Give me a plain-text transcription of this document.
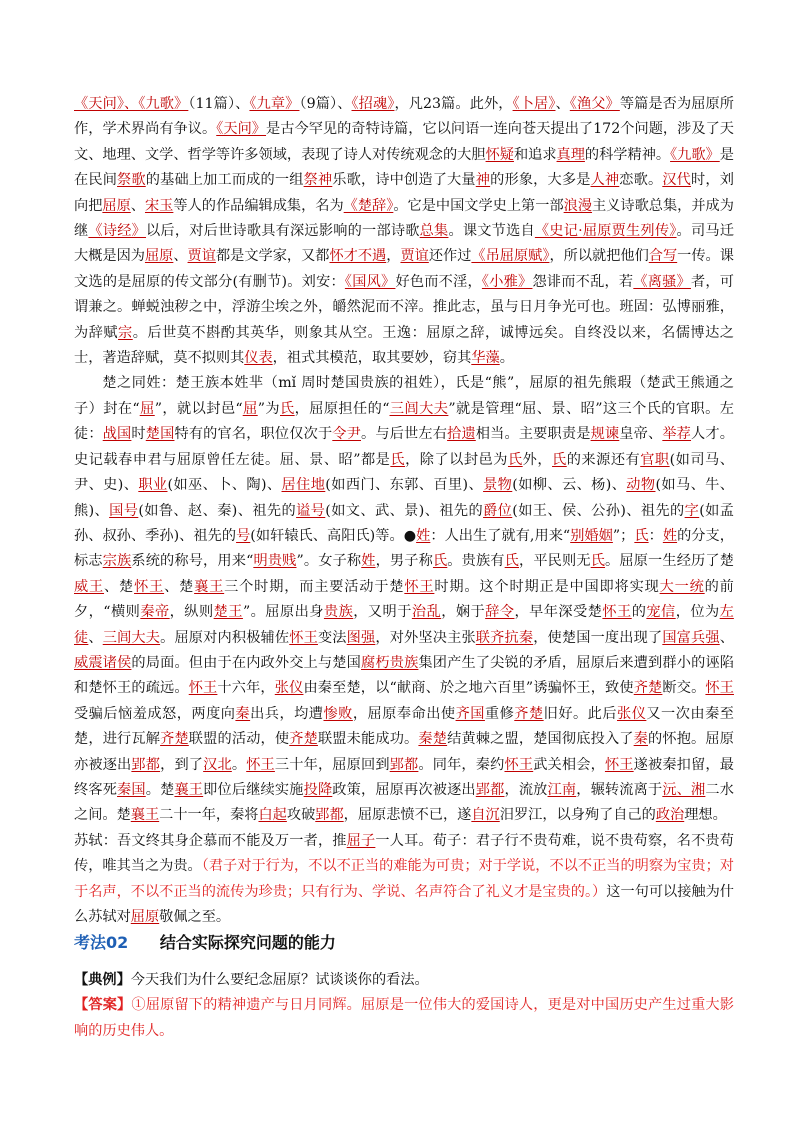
《天问》、《九歌》（11篇）、《九章》（9篇）、《招魂》，凡23篇。此外，《卜居》、《渔父》等篇是否为屈原所作，学术界尚有争议。《天问》是古今罕见的奇特诗篇，它以问语一连向苍天提出了172个问题，涉及了天文、地理、文学、哲学等许多领域，表现了诗人对传统观念的大胆怀疑和追求真理的科学精神。《九歌》是在民间祭歌的基础上加工而成的一组祭神乐歌，诗中创造了大量神的形象，大多是人神恋歌。汉代时，刘向把屈原、宋玉等人的作品编辑成集，名为《楚辞》。它是中国文学史上第一部浪漫主义诗歌总集，并成为继《诗经》以后，对后世诗歌具有深远影响的一部诗歌总集。课文节选自《史记·屈原贾生列传》。司马迁大概是因为屈原、贾谊都是文学家，又都怀才不遇，贾谊还作过《吊屈原赋》，所以就把他们合写一传。课文选的是屈原的传文部分(有删节)。刘安：《国风》好色而不淫，《小雅》怨诽而不乱，若《离骚》者，可谓兼之。蝉蜕浊秽之中，浮游尘埃之外，皭然泥而不滓。推此志，虽与日月争光可也。班固：弘博丽雅，为辞赋宗。后世莫不斟酌其英华，则象其从空。王逸：屈原之辞，诚博远矣。自终没以来，名儒博达之士，著造辞赋，莫不拟则其仪表，祖式其模范，取其要妙，窃其华藻。

楚之同姓：楚王族本姓芈（mǐ 周时楚国贵族的祖姓），氏是“熊”，屈原的祖先熊瑕（楚武王熊通之子）封在“屈”，就以封邑“屈”为氏，屈原担任的“三闾大夫”就是管理“屈、景、昭”这三个氏的官职。左徒：战国时楚国特有的官名，职位仅次于令尹。与后世左右拾遗相当。主要职责是规谏皇帝、举荐人才。史记载春申君与屈原曾任左徒。屈、景、昭”都是氏，除了以封邑为氏外，氏的来源还有官职(如司马、尹、史)、职业(如巫、卜、陶)、居住地(如西门、东郭、百里)、景物(如柳、云、杨)、动物(如马、牛、熊)、国号(如鲁、赵、秦)、祖先的谥号(如文、武、景)、祖先的爵位(如王、侯、公孙)、祖先的字(如孟孙、叔孙、季孙)、祖先的号(如轩辕氏、高阳氏)等。●姓：人出生了就有,用来“别婚姻”；氏：姓的分支，标志宗族系统的称号，用来“明贵贱”。女子称姓，男子称氏。贵族有氏，平民则无氏。屈原一生经历了楚威王、楚怀王、楚襄王三个时期，而主要活动于楚怀王时期。这个时期正是中国即将实现大一统的前夕，“横则秦帝，纵则楚王”。屈原出身贵族，又明于治乱，娴于辞令，早年深受楚怀王的宠信，位为左徒、三闾大夫。屈原对内积极辅佐怀王变法图强，对外坚决主张联齐抗秦，使楚国一度出现了国富兵强、威震诸侯的局面。但由于在内政外交上与楚国腐朽贵族集团产生了尖锐的矛盾，屈原后来遭到群小的诬陷和楚怀王的疏远。怀王十六年，张仪由秦至楚，以“献商、於之地六百里”诱骗怀王，致使齐楚断交。怀王受骗后恼羞成怒，两度向秦出兵，均遭惨败，屈原奉命出使齐国重修齐楚旧好。此后张仪又一次由秦至楚，进行瓦解齐楚联盟的活动，使齐楚联盟未能成功。秦楚结黄棘之盟，楚国彻底投入了秦的怀抱。屈原亦被逐出郢都，到了汉北。怀王三十年，屈原回到郢都。同年，秦约怀王武关相会，怀王遂被秦扣留，最终客死秦国。楚襄王即位后继续实施投降政策，屈原再次被逐出郢都，流放江南，辗转流离于沅、湘二水之间。楚襄王二十一年，秦将白起攻破郢都，屈原悲愤不已，遂自沉汨罗江，以身殉了自己的政治理想。

苏轼：吾文终其身企慕而不能及万一者，推屈子一人耳。荀子：君子行不贵苟难，说不贵苟察，名不贵苟传，唯其当之为贵。（君子对于行为，不以不正当的难能为可贵；对于学说，不以不正当的明察为宝贵；对于名声，不以不正当的流传为珍贵；只有行为、学说、名声符合了礼义才是宝贵的。）这一句可以接触为什么苏轼对屈原敬佩之至。

考法02 结合实际探究问题的能力

【典例】今天我们为什么要纪念屈原？试谈谈你的看法。

【答案】①屈原留下的精神遗产与日月同辉。屈原是一位伟大的爱国诗人，更是对中国历史产生过重大影响的历史伟人。
